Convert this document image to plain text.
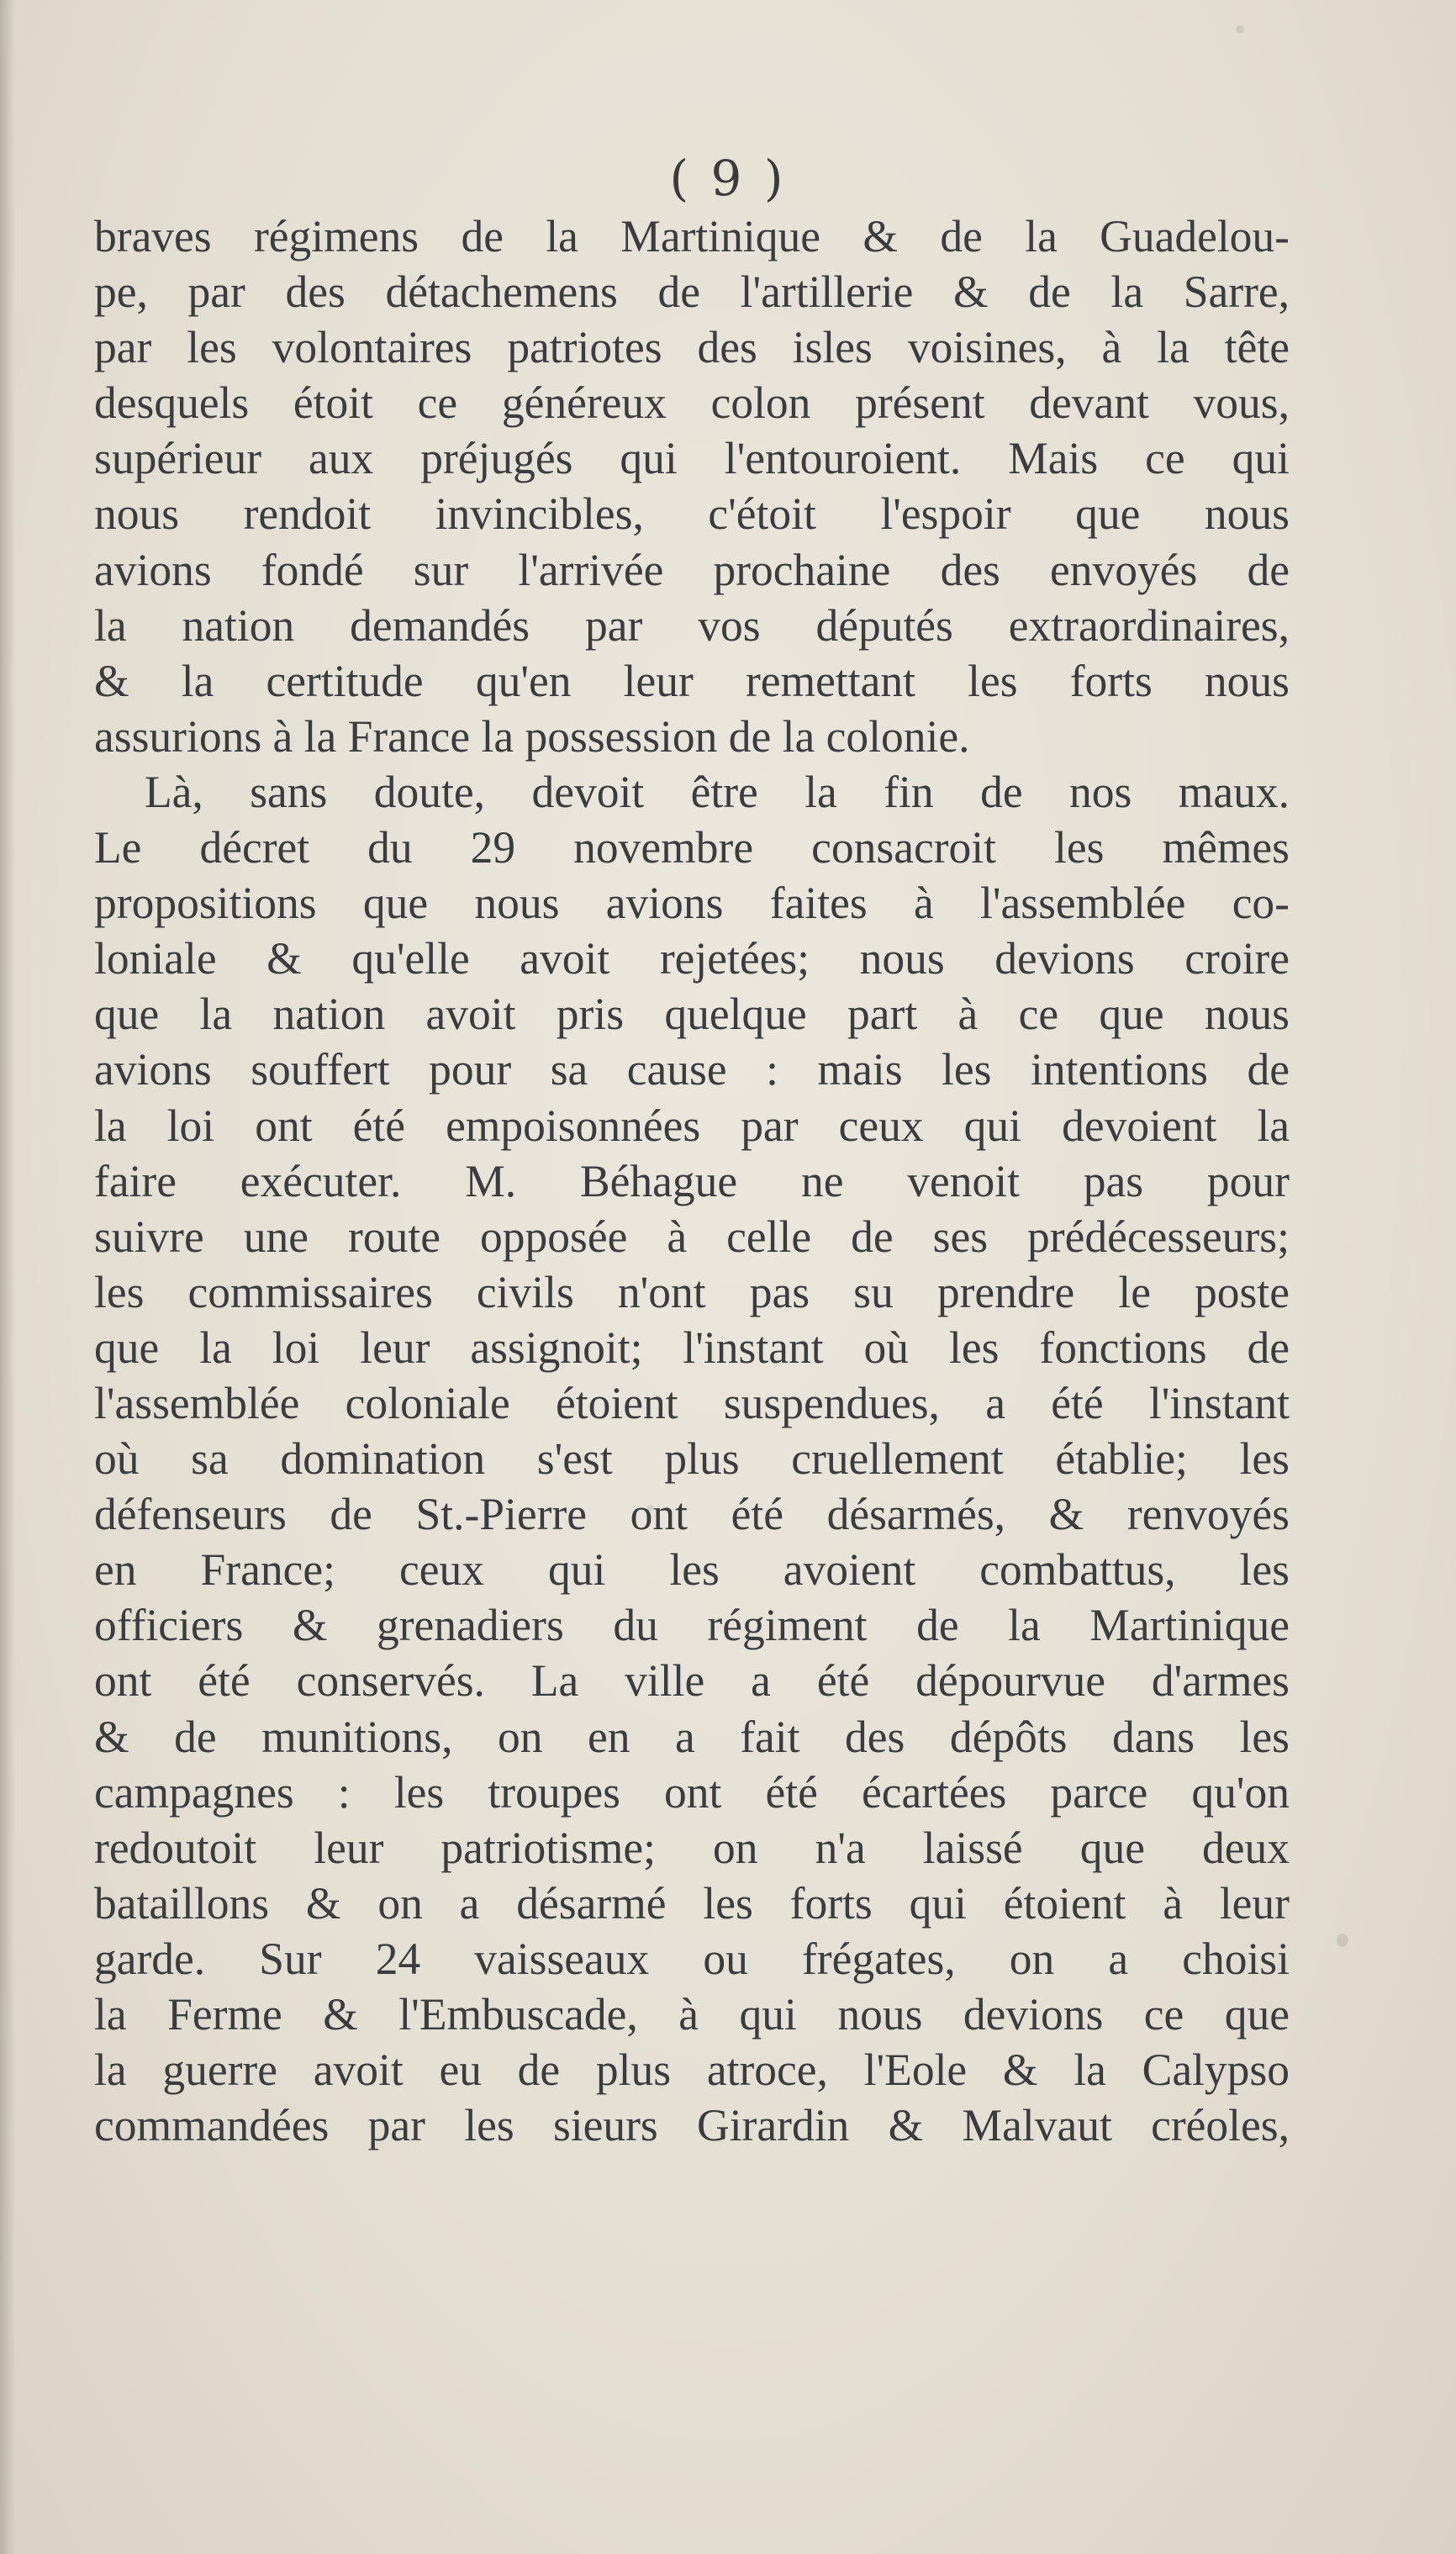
( 9 )
braves régimens de la Martinique & de la Guadelou-
pe, par des détachemens de l'artillerie & de la Sarre,
par les volontaires patriotes des isles voisines, à la tête
desquels étoit ce généreux colon présent devant vous,
supérieur aux préjugés qui l'entouroient. Mais ce qui
nous rendoit invincibles, c'étoit l'espoir que nous
avions fondé sur l'arrivée prochaine des envoyés de
la nation demandés par vos députés extraordinaires,
& la certitude qu'en leur remettant les forts nous
assurions à la France la possession de la colonie.
Là, sans doute, devoit être la fin de nos maux.
Le décret du 29 novembre consacroit les mêmes
propositions que nous avions faites à l'assemblée co-
loniale & qu'elle avoit rejetées; nous devions croire
que la nation avoit pris quelque part à ce que nous
avions souffert pour sa cause : mais les intentions de
la loi ont été empoisonnées par ceux qui devoient la
faire exécuter. M. Béhague ne venoit pas pour
suivre une route opposée à celle de ses prédécesseurs;
les commissaires civils n'ont pas su prendre le poste
que la loi leur assignoit; l'instant où les fonctions de
l'assemblée coloniale étoient suspendues, a été l'instant
où sa domination s'est plus cruellement établie; les
défenseurs de St.-Pierre ont été désarmés, & renvoyés
en France; ceux qui les avoient combattus, les
officiers & grenadiers du régiment de la Martinique
ont été conservés. La ville a été dépourvue d'armes
& de munitions, on en a fait des dépôts dans les
campagnes : les troupes ont été écartées parce qu'on
redoutoit leur patriotisme; on n'a laissé que deux
bataillons & on a désarmé les forts qui étoient à leur
garde. Sur 24 vaisseaux ou frégates, on a choisi
la Ferme & l'Embuscade, à qui nous devions ce que
la guerre avoit eu de plus atroce, l'Eole & la Calypso
commandées par les sieurs Girardin & Malvaut créoles,
